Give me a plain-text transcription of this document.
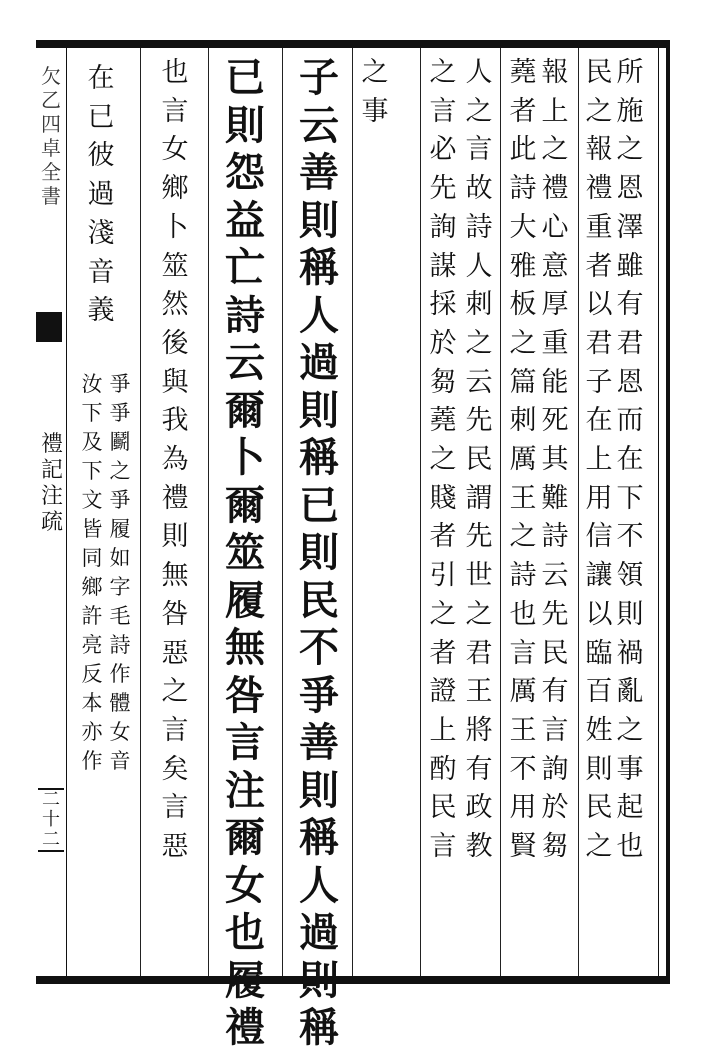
欠
乙
四
卓
全
書
禮
記
注
疏
二十二
所
施
之
恩
澤
雖
有
君
恩
而
在
下
不
領
則
禍
亂
之
事
起
也
民
之
報
禮
重
者
以
君
子
在
上
用
信
讓
以
臨
百
姓
則
民
之
報
上
之
禮
心
意
厚
重
能
死
其
難
詩
云
先
民
有
言
詢
於
芻
蕘
者
此
詩
大
雅
板
之
篇
刺
厲
王
之
詩
也
言
厲
王
不
用
賢
人
之
言
故
詩
人
刺
之
云
先
民
謂
先
世
之
君
王
將
有
政
教
之
言
必
先
詢
謀
採
於
芻
蕘
之
賤
者
引
之
者
證
上
酌
民
言
之
事
子
云
善
則
稱
人
過
則
稱
已
則
民
不
爭
善
則
稱
人
過
則
稱
已
則
怨
益
亡
詩
云
爾
卜
爾
筮
履
無
咎
言
注
爾
女
也
履
禮
也
言
女
鄉
卜
筮
然
後
與
我
為
禮
則
無
咎
惡
之
言
矣
言
惡
在
已
彼
過
淺
音
義
爭
爭
鬬
之
爭
履
如
字
毛
詩
作
體
女
音
汝
下
及
下
文
皆
同
鄉
許
亮
反
本
亦
作
